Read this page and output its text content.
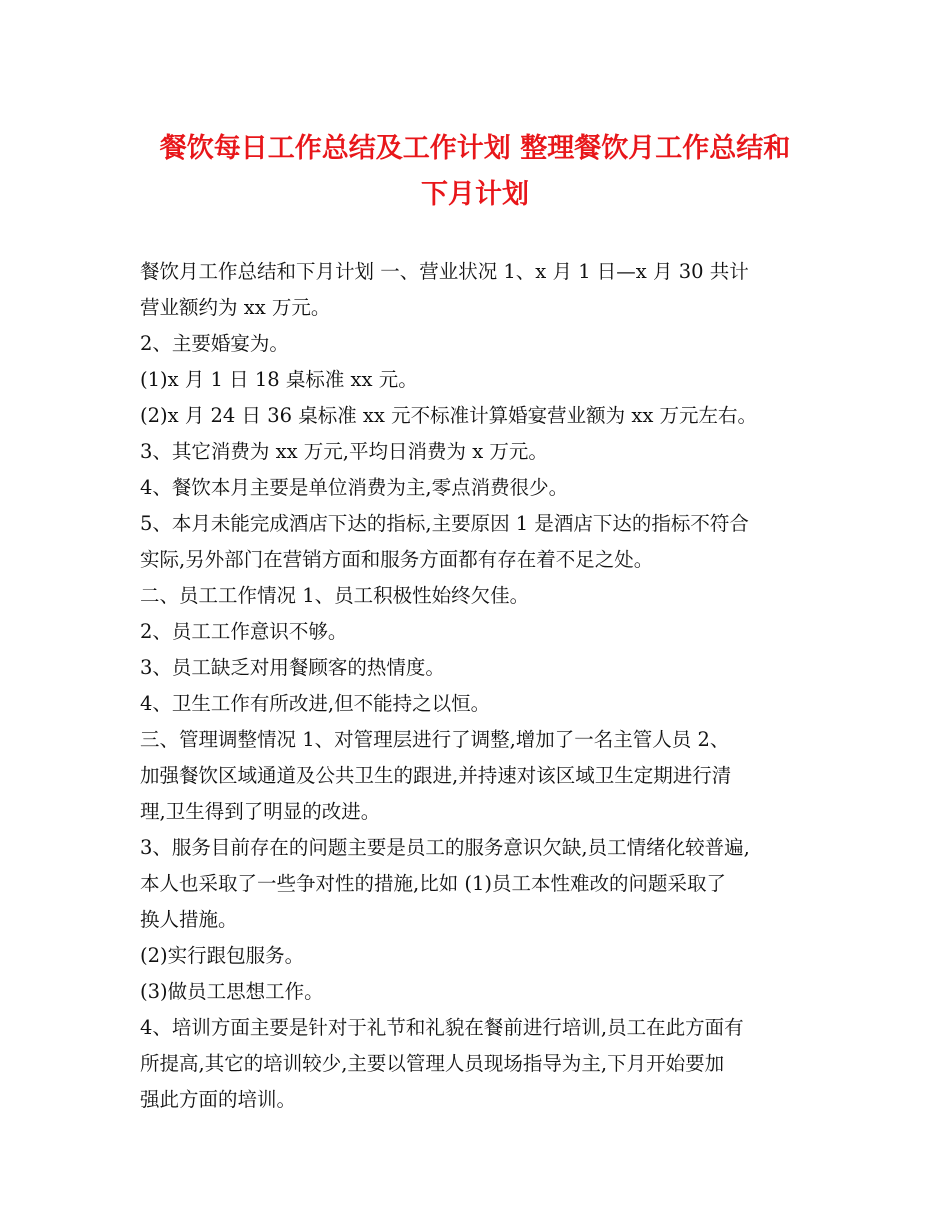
餐饮每日工作总结及工作计划 整理餐饮月工作总结和
下月计划
餐饮月工作总结和下月计划 一、营业状况 1、x 月 1 日—x 月 30 共计
营业额约为 xx 万元。
2、主要婚宴为。
(1)x 月 1 日 18 桌标准 xx 元。
(2)x 月 24 日 36 桌标准 xx 元不标准计算婚宴营业额为 xx 万元左右。
3、其它消费为 xx 万元,平均日消费为 x 万元。
4、餐饮本月主要是单位消费为主,零点消费很少。
5、本月未能完成酒店下达的指标,主要原因 1 是酒店下达的指标不符合
实际,另外部门在营销方面和服务方面都有存在着不足之处。
二、员工工作情况 1、员工积极性始终欠佳。
2、员工工作意识不够。
3、员工缺乏对用餐顾客的热情度。
4、卫生工作有所改进,但不能持之以恒。
三、管理调整情况 1、对管理层进行了调整,增加了一名主管人员 2、
加强餐饮区域通道及公共卫生的跟进,并持速对该区域卫生定期进行清
理,卫生得到了明显的改进。
3、服务目前存在的问题主要是员工的服务意识欠缺,员工情绪化较普遍,
本人也采取了一些争对性的措施,比如 (1)员工本性难改的问题采取了
换人措施。
(2)实行跟包服务。
(3)做员工思想工作。
4、培训方面主要是针对于礼节和礼貌在餐前进行培训,员工在此方面有
所提高,其它的培训较少,主要以管理人员现场指导为主,下月开始要加
强此方面的培训。
